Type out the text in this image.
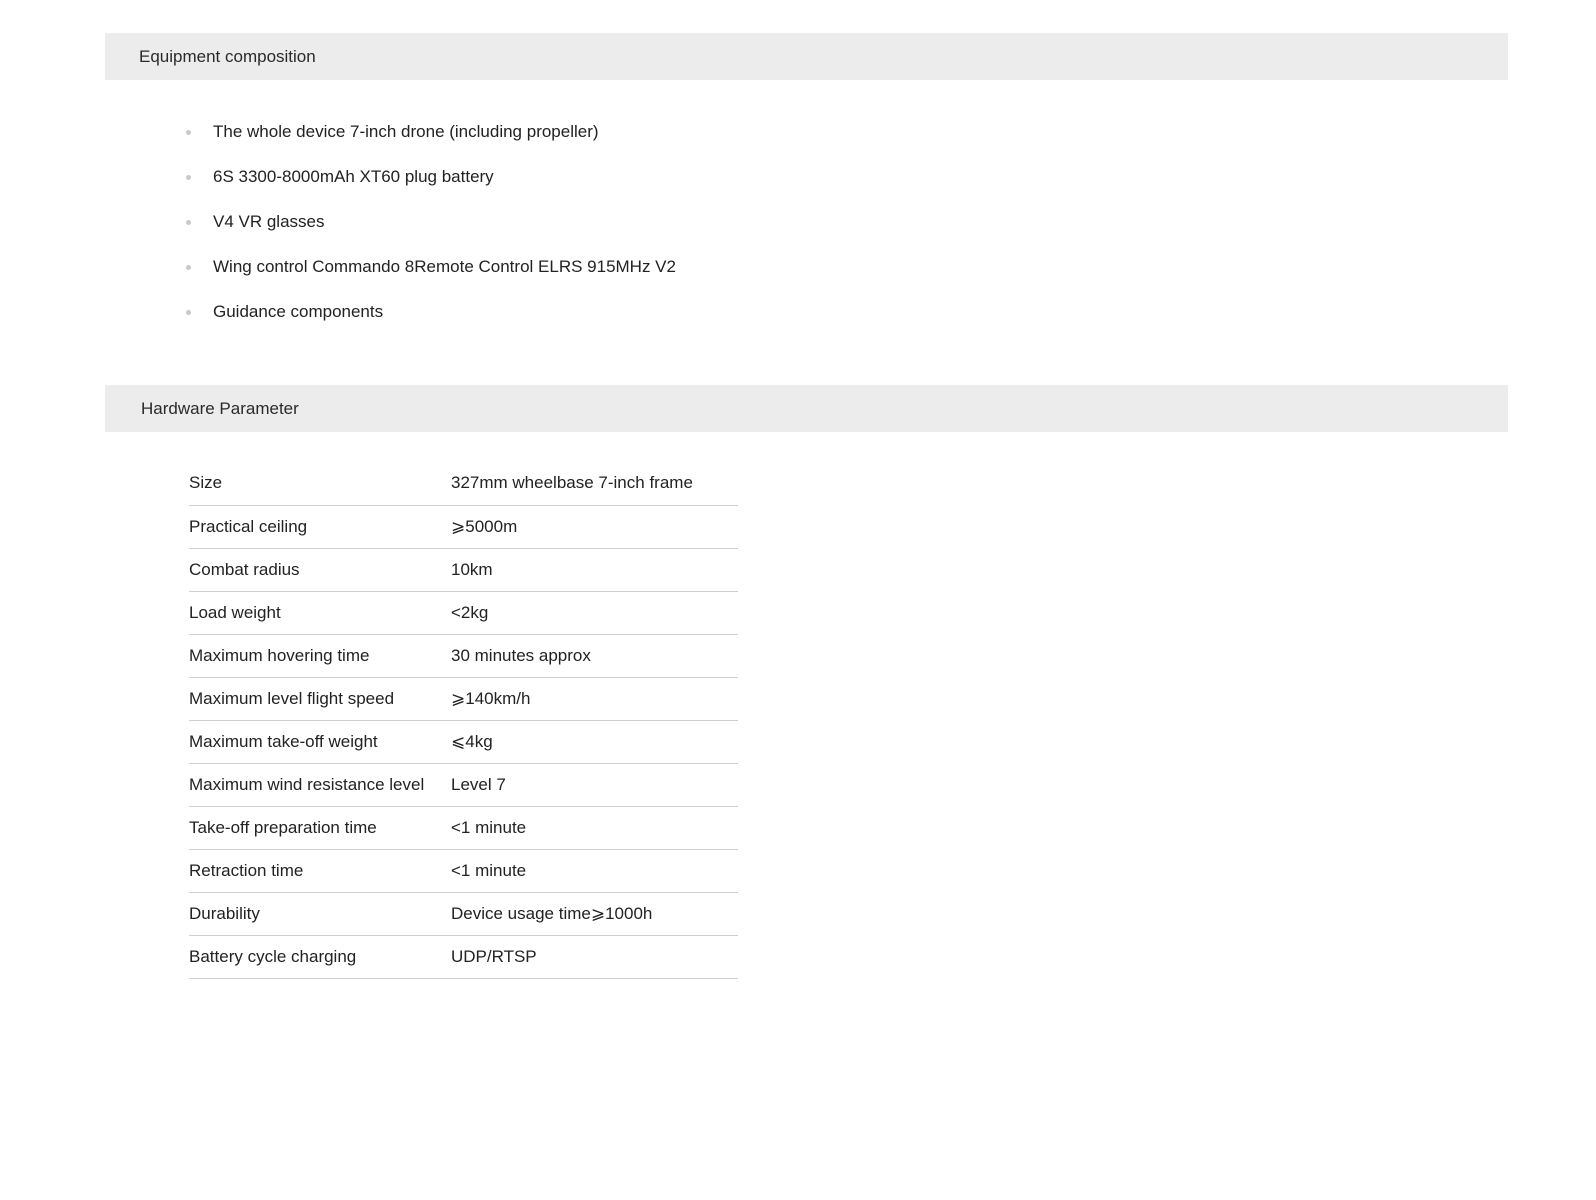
Equipment composition
The whole device 7-inch drone (including propeller)
6S 3300-8000mAh XT60 plug battery
V4 VR glasses
Wing control Commando 8Remote Control ELRS 915MHz V2
Guidance components
Hardware Parameter
Size	327mm wheelbase 7-inch frame
Practical ceiling	⩾5000m
Combat radius	10km
Load weight	<2kg
Maximum hovering time	30 minutes approx
Maximum level flight speed	⩾140km/h
Maximum take-off weight	⩽4kg
Maximum wind resistance level	Level 7
Take-off preparation time	<1 minute
Retraction time	<1 minute
Durability	Device usage time⩾1000h
Battery cycle charging	UDP/RTSP
